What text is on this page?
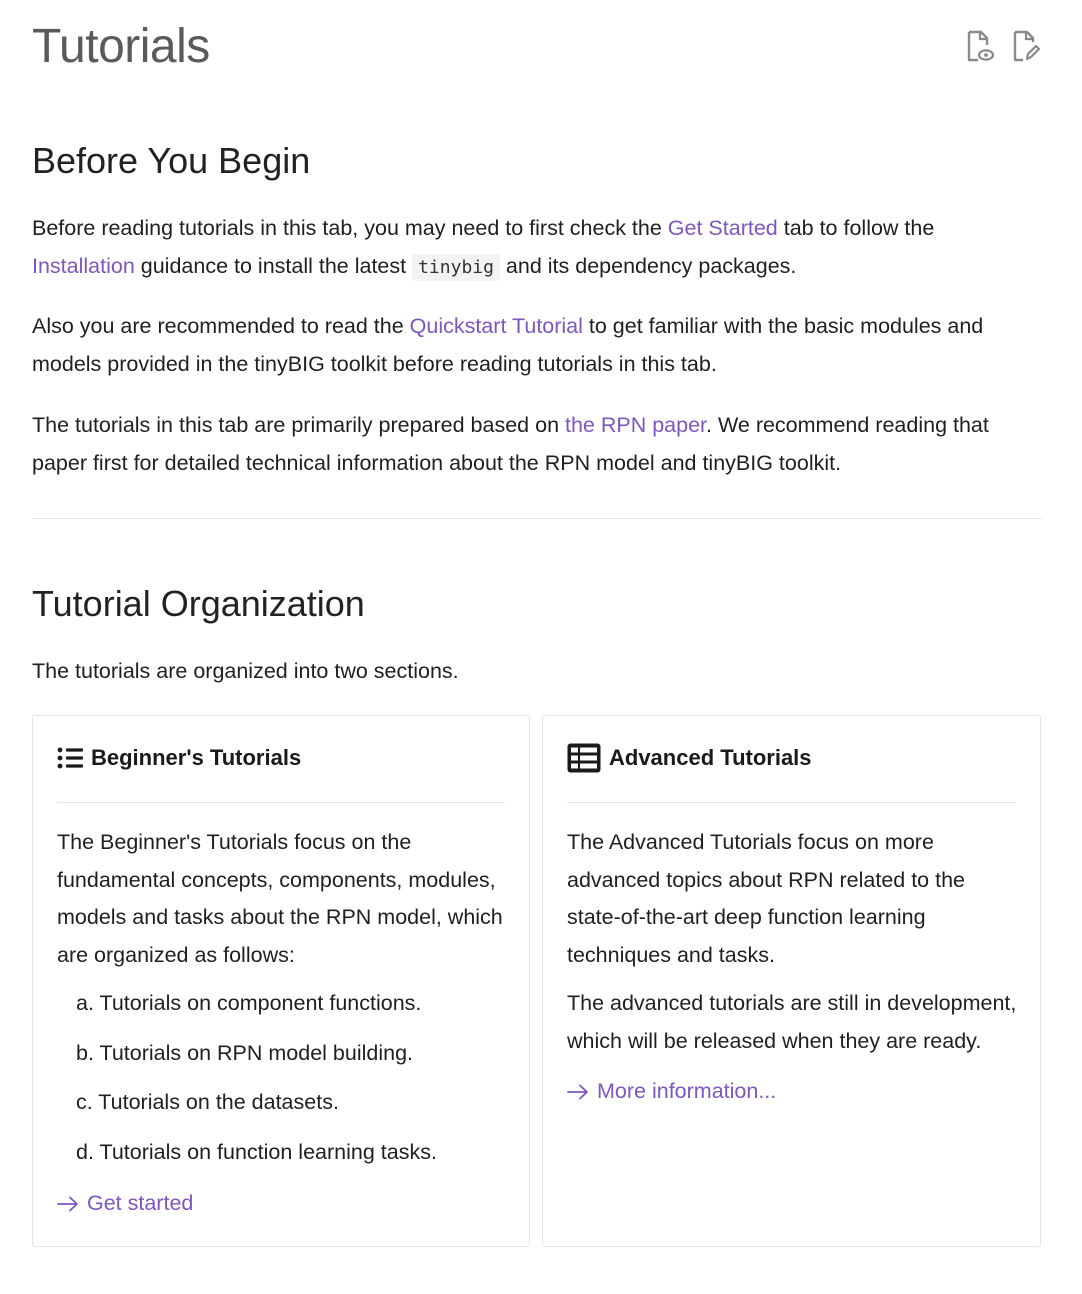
Tutorials
Before You Begin

Before reading tutorials in this tab, you may need to first check the Get Started tab to follow the Installation guidance to install the latest tinybig and its dependency packages.

Also you are recommended to read the Quickstart Tutorial to get familiar with the basic modules and models provided in the tinyBIG toolkit before reading tutorials in this tab.

The tutorials in this tab are primarily prepared based on the RPN paper. We recommend reading that paper first for detailed technical information about the RPN model and tinyBIG toolkit.

Tutorial Organization

The tutorials are organized into two sections.

Beginner's Tutorials

The Beginner's Tutorials focus on the fundamental concepts, components, modules, models and tasks about the RPN model, which are organized as follows:

a. Tutorials on component functions.
b. Tutorials on RPN model building.
c. Tutorials on the datasets.
d. Tutorials on function learning tasks.
Get started
Advanced Tutorials

The Advanced Tutorials focus on more advanced topics about RPN related to the state-of-the-art deep function learning techniques and tasks.

The advanced tutorials are still in development, which will be released when they are ready.

More information...
